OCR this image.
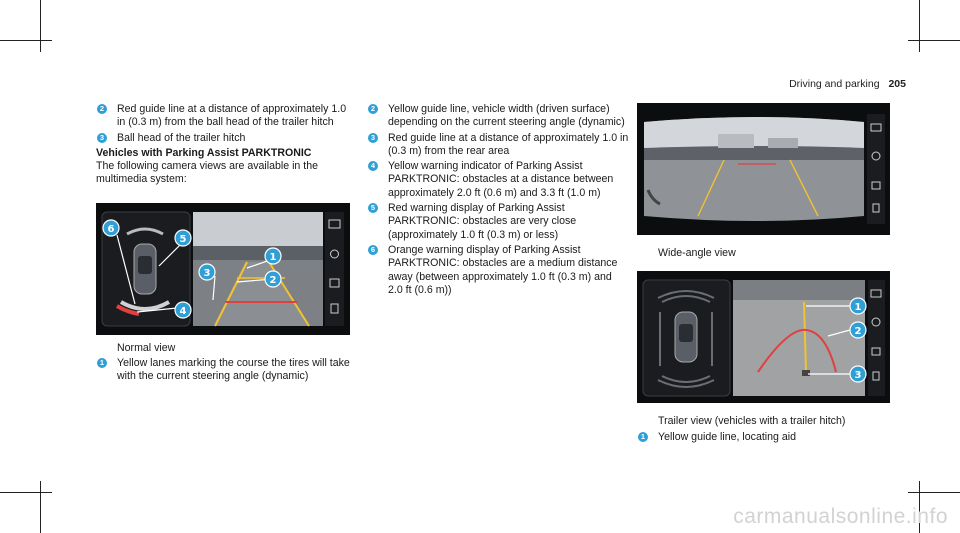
Driving and parking 205
2 Red guide line at a distance of approximately 1.0 in (0.3 m) from the ball head of the trailer hitch
3 Ball head of the trailer hitch

Vehicles with Parking Assist PARKTRONIC

The following camera views are available in the multimedia system:

6
5
1
3
2
4

Normal view

1 Yellow lanes marking the course the tires will take with the current steering angle (dynamic)
2 Yellow guide line, vehicle width (driven surface) depending on the current steering angle (dynamic)
3 Red guide line at a distance of approximately 1.0 in (0.3 m) from the rear area
4 Yellow warning indicator of Parking Assist PARKTRONIC: obstacles at a distance between approximately 2.0 ft (0.6 m) and 3.3 ft (1.0 m)
5 Red warning display of Parking Assist PARKTRONIC: obstacles are very close (approximately 1.0 ft (0.3 m) or less)
6 Orange warning display of Parking Assist PARKTRONIC: obstacles are a medium distance away (between approximately 1.0 ft (0.3 m) and 2.0 ft (0.6 m))

Wide-angle view

1
2
3

Trailer view (vehicles with a trailer hitch)

1 Yellow guide line, locating aid
carmanualsonline.info
